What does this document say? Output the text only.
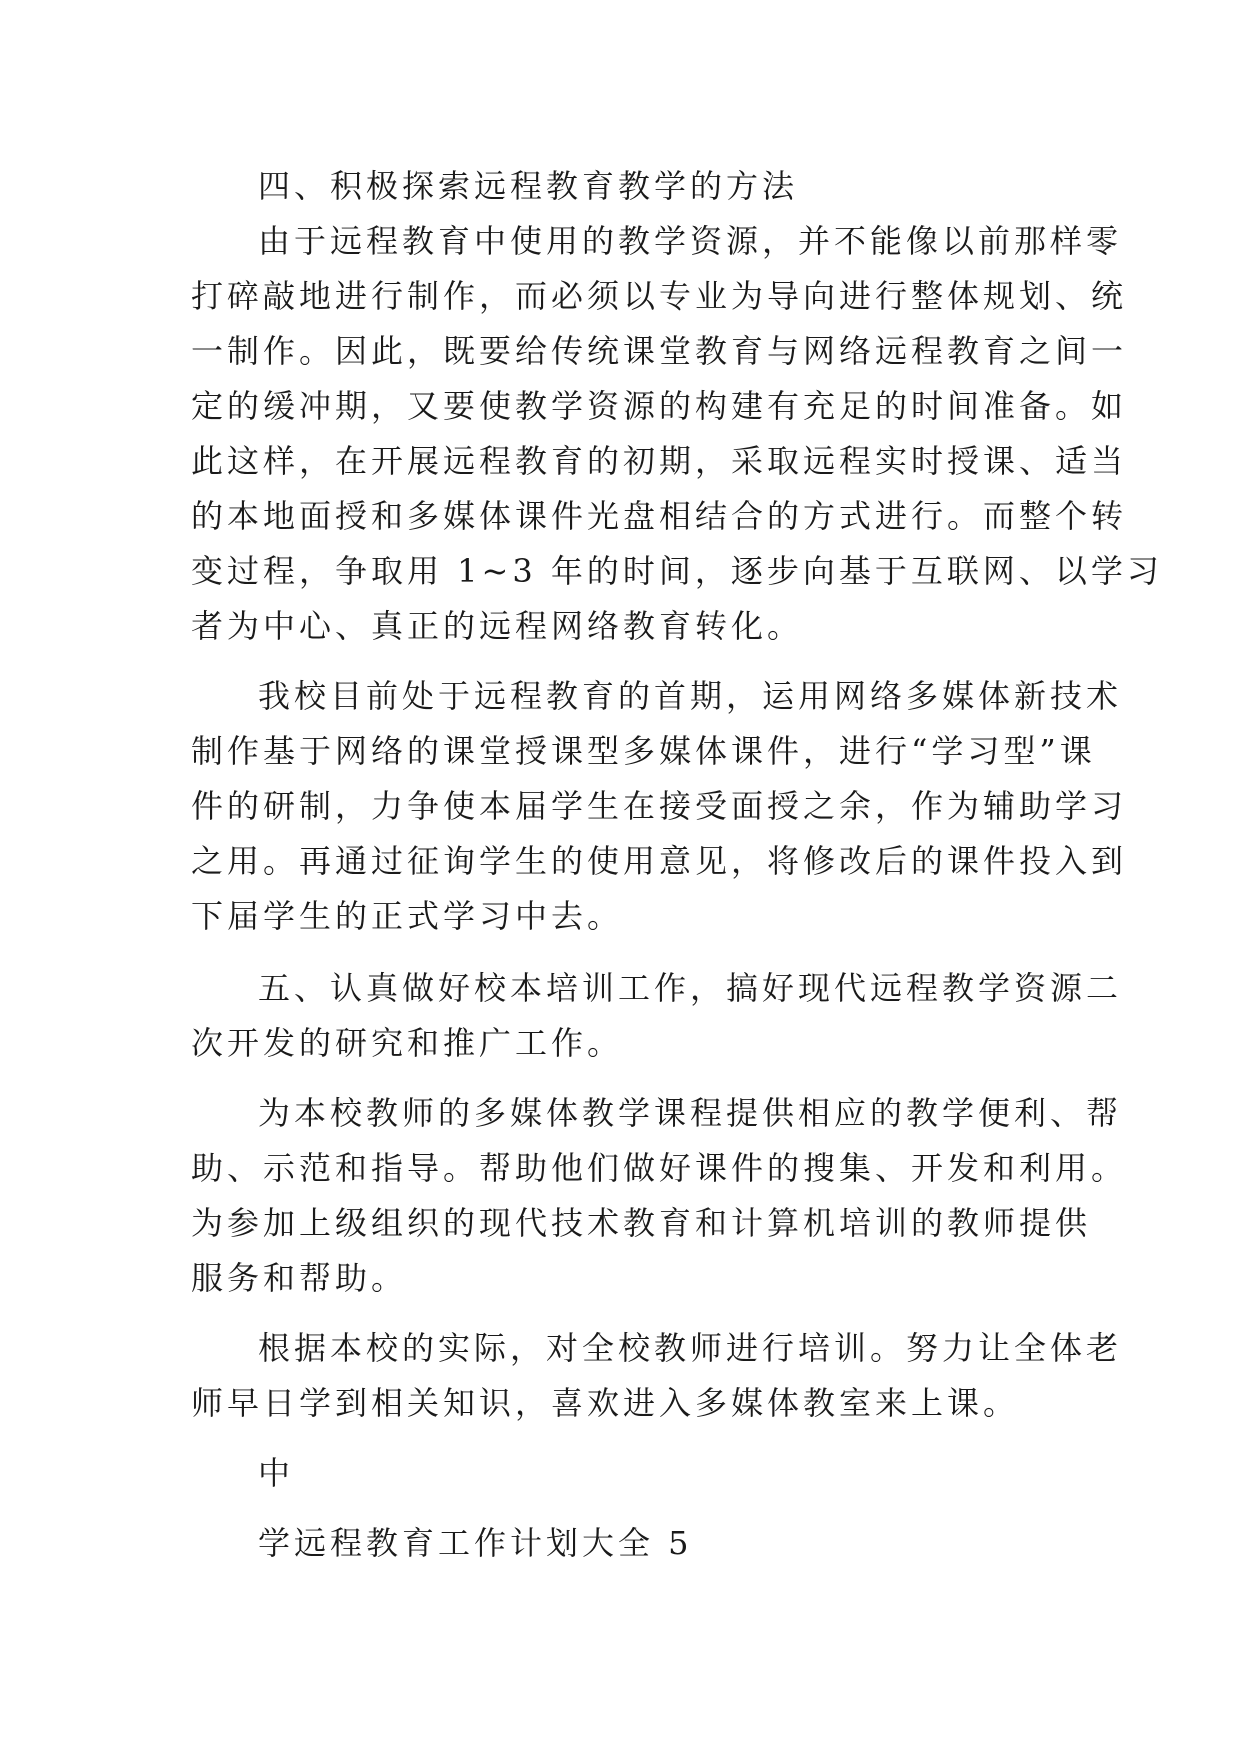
四、积极探索远程教育教学的方法
由于远程教育中使用的教学资源，并不能像以前那样零
打碎敲地进行制作，而必须以专业为导向进行整体规划、统
一制作。因此，既要给传统课堂教育与网络远程教育之间一
定的缓冲期，又要使教学资源的构建有充足的时间准备。如
此这样，在开展远程教育的初期，采取远程实时授课、适当
的本地面授和多媒体课件光盘相结合的方式进行。而整个转
变过程，争取用 1~3 年的时间，逐步向基于互联网、以学习
者为中心、真正的远程网络教育转化。
我校目前处于远程教育的首期，运用网络多媒体新技术
制作基于网络的课堂授课型多媒体课件，进行“学习型”课
件的研制，力争使本届学生在接受面授之余，作为辅助学习
之用。再通过征询学生的使用意见，将修改后的课件投入到
下届学生的正式学习中去。
五、认真做好校本培训工作，搞好现代远程教学资源二
次开发的研究和推广工作。
为本校教师的多媒体教学课程提供相应的教学便利、帮
助、示范和指导。帮助他们做好课件的搜集、开发和利用。
为参加上级组织的现代技术教育和计算机培训的教师提供
服务和帮助。
根据本校的实际，对全校教师进行培训。努力让全体老
师早日学到相关知识，喜欢进入多媒体教室来上课。
中
学远程教育工作计划大全 5
